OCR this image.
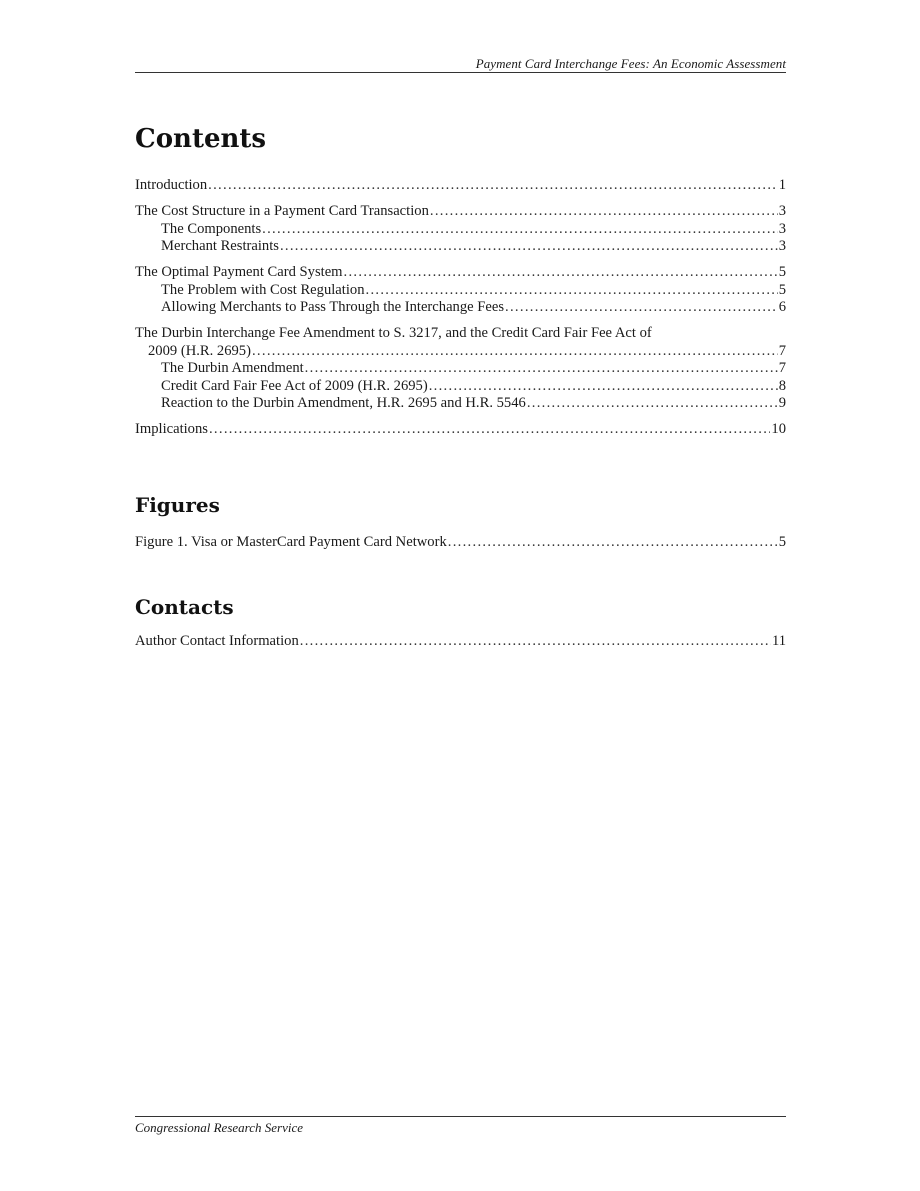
Payment Card Interchange Fees: An Economic Assessment
Contents
Introduction .....	1
The Cost Structure in a Payment Card Transaction .....	3
The Components .....	3
Merchant Restraints .....	3
The Optimal Payment Card System .....	5
The Problem with Cost Regulation .....	5
Allowing Merchants to Pass Through the Interchange Fees .....	6
The Durbin Interchange Fee Amendment to S. 3217, and the Credit Card Fair Fee Act of
2009 (H.R. 2695) .....	7
The Durbin Amendment .....	7
Credit Card Fair Fee Act of 2009 (H.R. 2695) .....	8
Reaction to the Durbin Amendment, H.R. 2695 and H.R. 5546 .....	9
Implications .....	10
Figures
Figure 1. Visa or MasterCard Payment Card Network .....	5
Contacts
Author Contact Information .....	11
Congressional Research Service
